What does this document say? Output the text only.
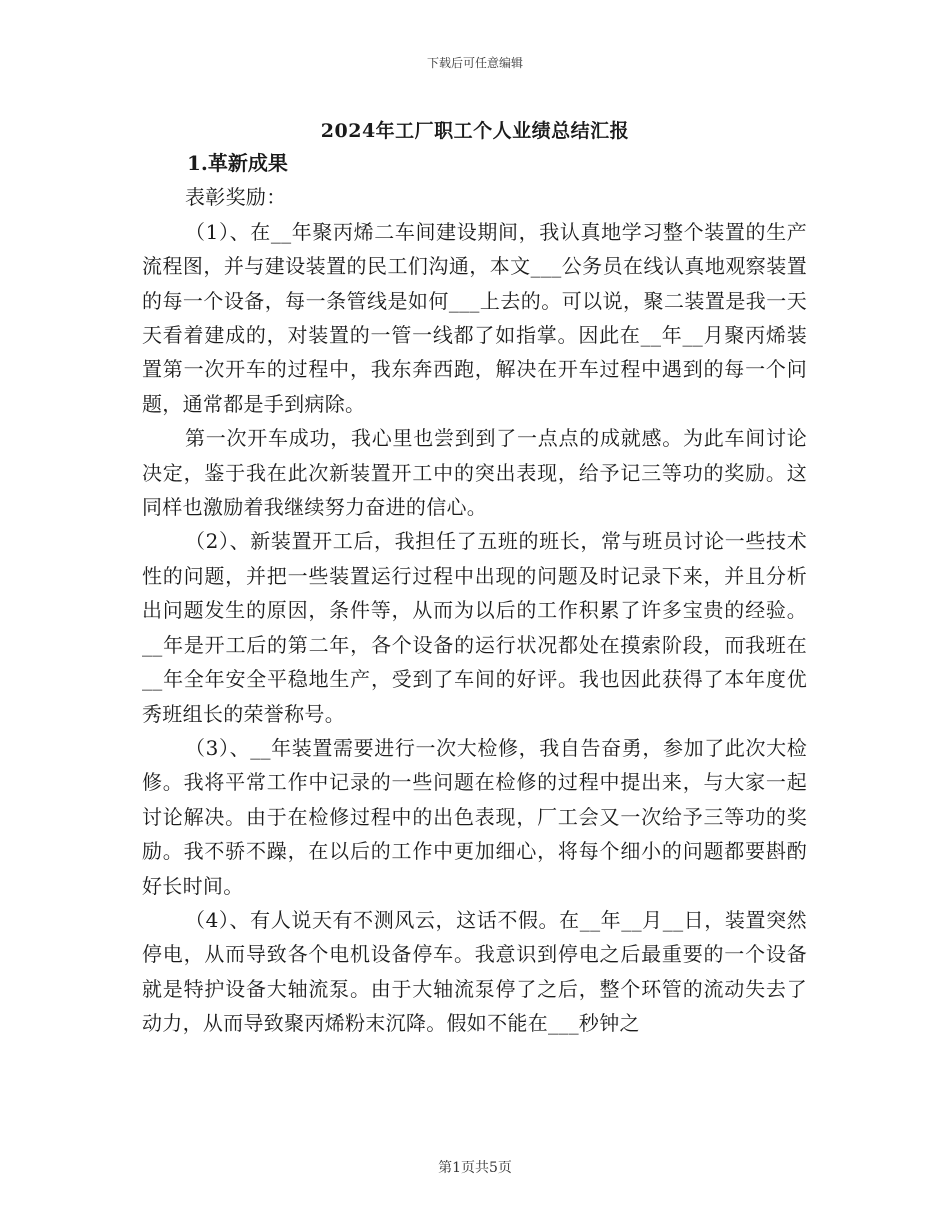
下载后可任意编辑
2024年工厂职工个人业绩总结汇报

1.革新成果

表彰奖励：

（1）、在__年聚丙烯二车间建设期间，我认真地学习整个装置的生产流程图，并与建设装置的民工们沟通，本文___公务员在线认真地观察装置的每一个设备，每一条管线是如何___上去的。可以说，聚二装置是我一天天看着建成的，对装置的一管一线都了如指掌。因此在__年__月聚丙烯装置第一次开车的过程中，我东奔西跑，解决在开车过程中遇到的每一个问题，通常都是手到病除。

第一次开车成功，我心里也尝到到了一点点的成就感。为此车间讨论决定，鉴于我在此次新装置开工中的突出表现，给予记三等功的奖励。这同样也激励着我继续努力奋进的信心。

（2）、新装置开工后，我担任了五班的班长，常与班员讨论一些技术性的问题，并把一些装置运行过程中出现的问题及时记录下来，并且分析出问题发生的原因，条件等，从而为以后的工作积累了许多宝贵的经验。__年是开工后的第二年，各个设备的运行状况都处在摸索阶段，而我班在__年全年安全平稳地生产，受到了车间的好评。我也因此获得了本年度优秀班组长的荣誉称号。

（3）、__年装置需要进行一次大检修，我自告奋勇，参加了此次大检修。我将平常工作中记录的一些问题在检修的过程中提出来，与大家一起讨论解决。由于在检修过程中的出色表现，厂工会又一次给予三等功的奖励。我不骄不躁，在以后的工作中更加细心，将每个细小的问题都要斟酌好长时间。

（4）、有人说天有不测风云，这话不假。在__年__月__日，装置突然停电，从而导致各个电机设备停车。我意识到停电之后最重要的一个设备就是特护设备大轴流泵。由于大轴流泵停了之后，整个环管的流动失去了动力，从而导致聚丙烯粉末沉降。假如不能在___秒钟之

第1页共5页
